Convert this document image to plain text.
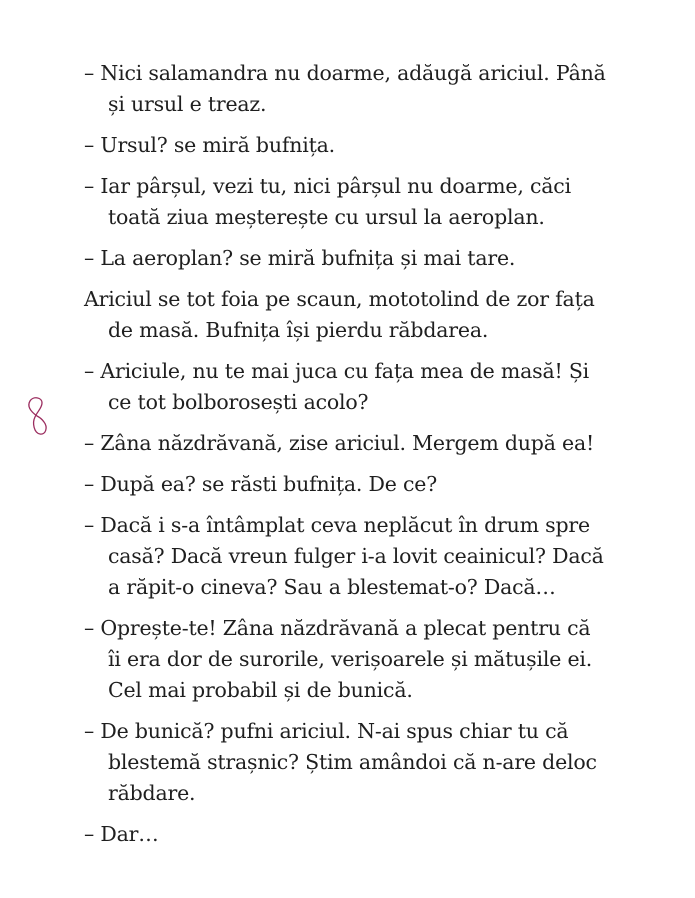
– Nici salamandra nu doarme, adăugă ariciul. Până și ursul e treaz.

– Ursul? se miră bufnița.

– Iar pârșul, vezi tu, nici pârșul nu doarme, căci toată ziua meșterește cu ursul la aeroplan.

– La aeroplan? se miră bufnița și mai tare.

Ariciul se tot foia pe scaun, mototolind de zor fața de masă. Bufnița își pierdu răbdarea.

– Ariciule, nu te mai juca cu fața mea de masă! Și ce tot bolborosești acolo?

– Zâna năzdrăvană, zise ariciul. Mergem după ea!

– După ea? se răsti bufnița. De ce?

– Dacă i s-a întâmplat ceva neplăcut în drum spre casă? Dacă vreun fulger i-a lovit ceainicul? Dacă a răpit-o cineva? Sau a blestemat-o? Dacă…

– Oprește-te! Zâna năzdrăvană a plecat pentru că îi era dor de surorile, verișoarele și mătușile ei. Cel mai probabil și de bunică.

– De bunică? pufni ariciul. N-ai spus chiar tu că blestemă strașnic? Știm amândoi că n-are deloc răbdare.

– Dar…
